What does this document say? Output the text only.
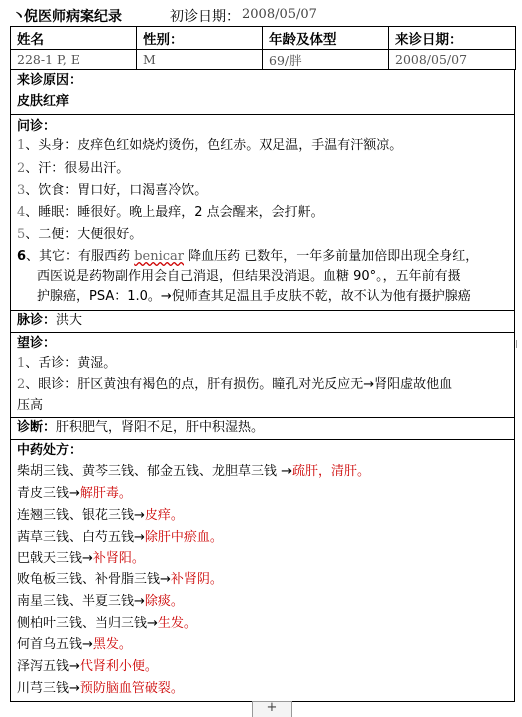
丶
倪医师病案纪录	初诊日期： 2008/05/07
姓名	性别：	年龄及体型	来诊日期：
228-1 P, E	M	69/胖	2008/05/07
来诊原因：
皮肤红痒
问诊：
1、头身：皮痒色红如烧灼烫伤，色红赤。双足温，手温有汗额凉。
2、汗：很易出汗。
3、饮食：胃口好，口渴喜冷饮。
4、睡眠：睡很好。晚上最痒，2 点会醒来，会打鼾。
5、二便：大便很好。
6、其它：有服西药 benicar 降血压药 已数年，一年多前量加倍即出现全身红，
西医说是药物副作用会自己消退，但结果没消退。血糖 90°。，五年前有摄
护腺癌，PSA：1.0。→倪师查其足温且手皮肤不乾，故不认为他有摄护腺癌
脉诊：洪大
望诊：
1、舌诊：黄湿。
2、眼诊：肝区黄浊有褐色的点，肝有损伤。瞳孔对光反应无→肾阳虚故他血
压高
诊断：肝积肥气，肾阳不足，肝中积湿热。
中药处方：
柴胡三钱、黄芩三钱、郁金五钱、龙胆草三钱 →疏肝，清肝。
青皮三钱→解肝毒。
连翘三钱、银花三钱→皮痒。
茜草三钱、白芍五钱→除肝中瘀血。
巴戟天三钱→补肾阳。
败龟板三钱、补骨脂三钱→补肾阴。
南星三钱、半夏三钱→除痰。
侧柏叶三钱、当归三钱→生发。
何首乌五钱→黑发。
泽泻五钱→代肾利小便。
川芎三钱→预防脑血管破裂。
+
